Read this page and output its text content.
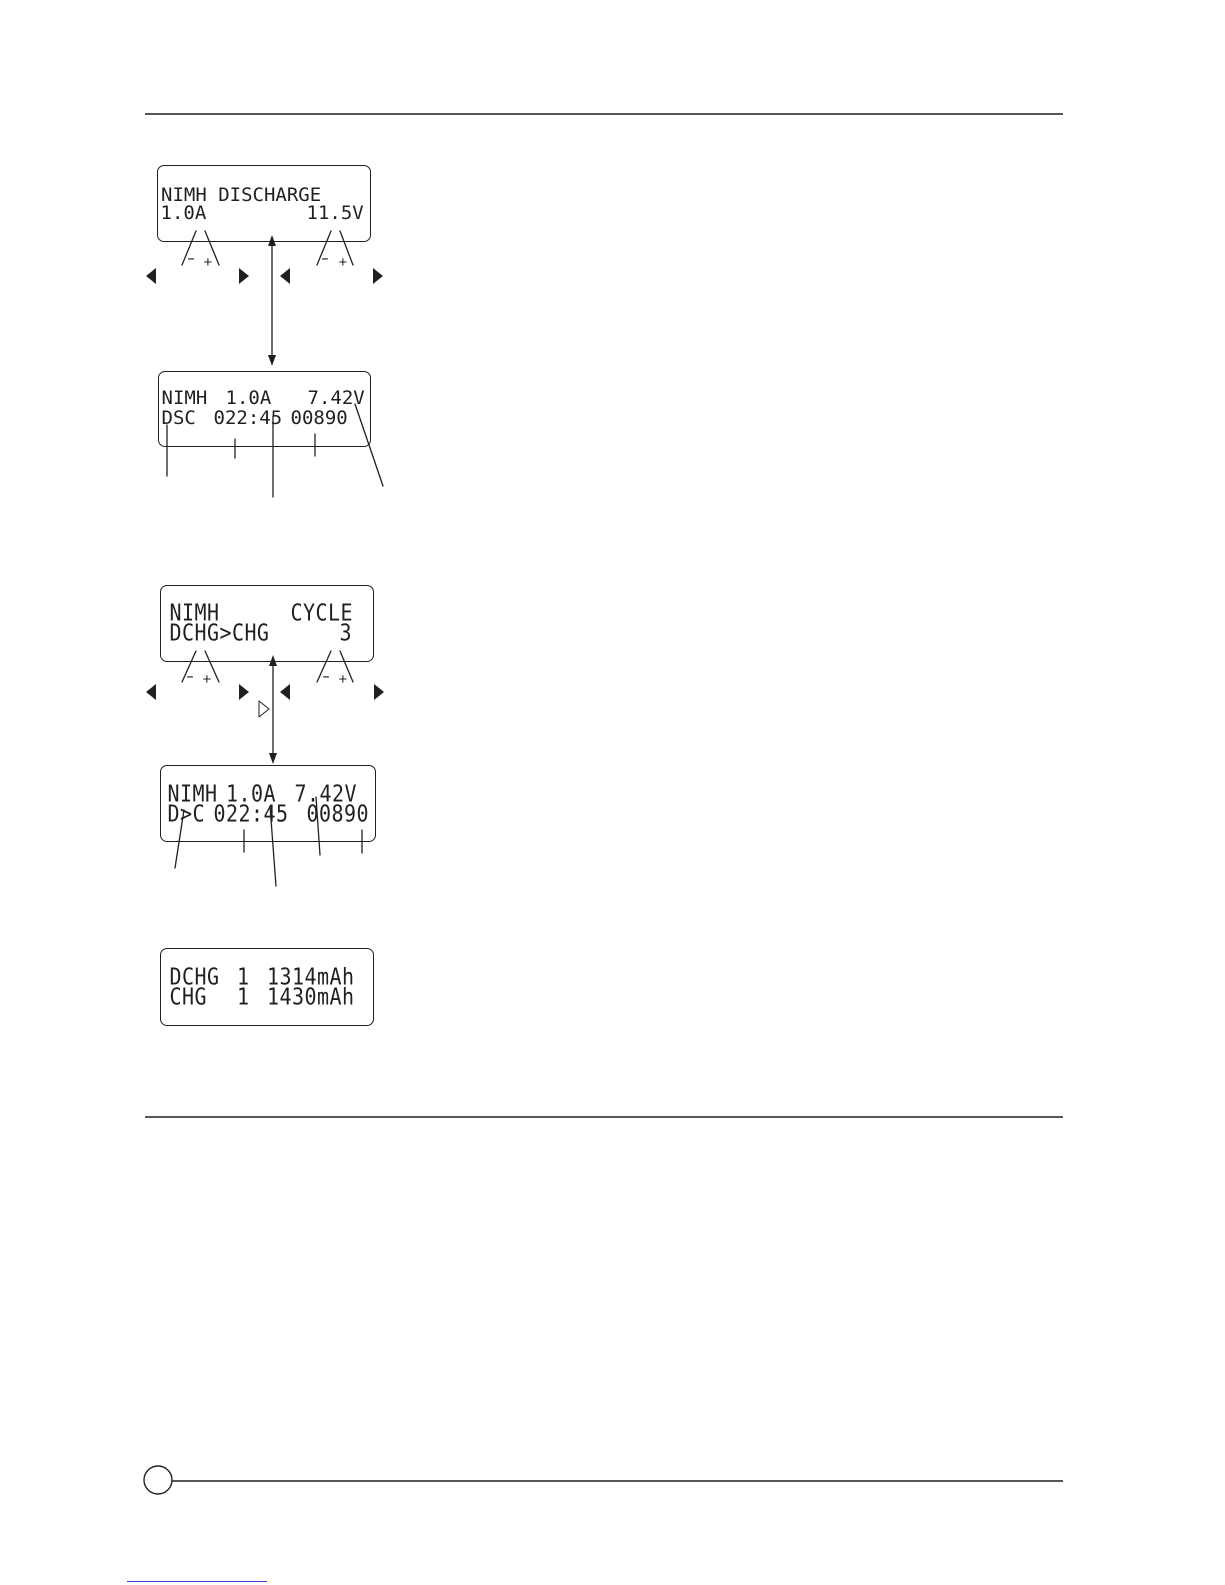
NIMH DISCHARGE
1.0A	11.5V
- +	- +
NIMH 1.0A 7.42V
DSC 022:45 00890
NIMH	CYCLE
DCHG>CHG	3
- +	- +
NIMH 1.0A 7.42V
D>C 022:45 00890
DCHG 1 1314mAh
CHG 1 1430mAh
